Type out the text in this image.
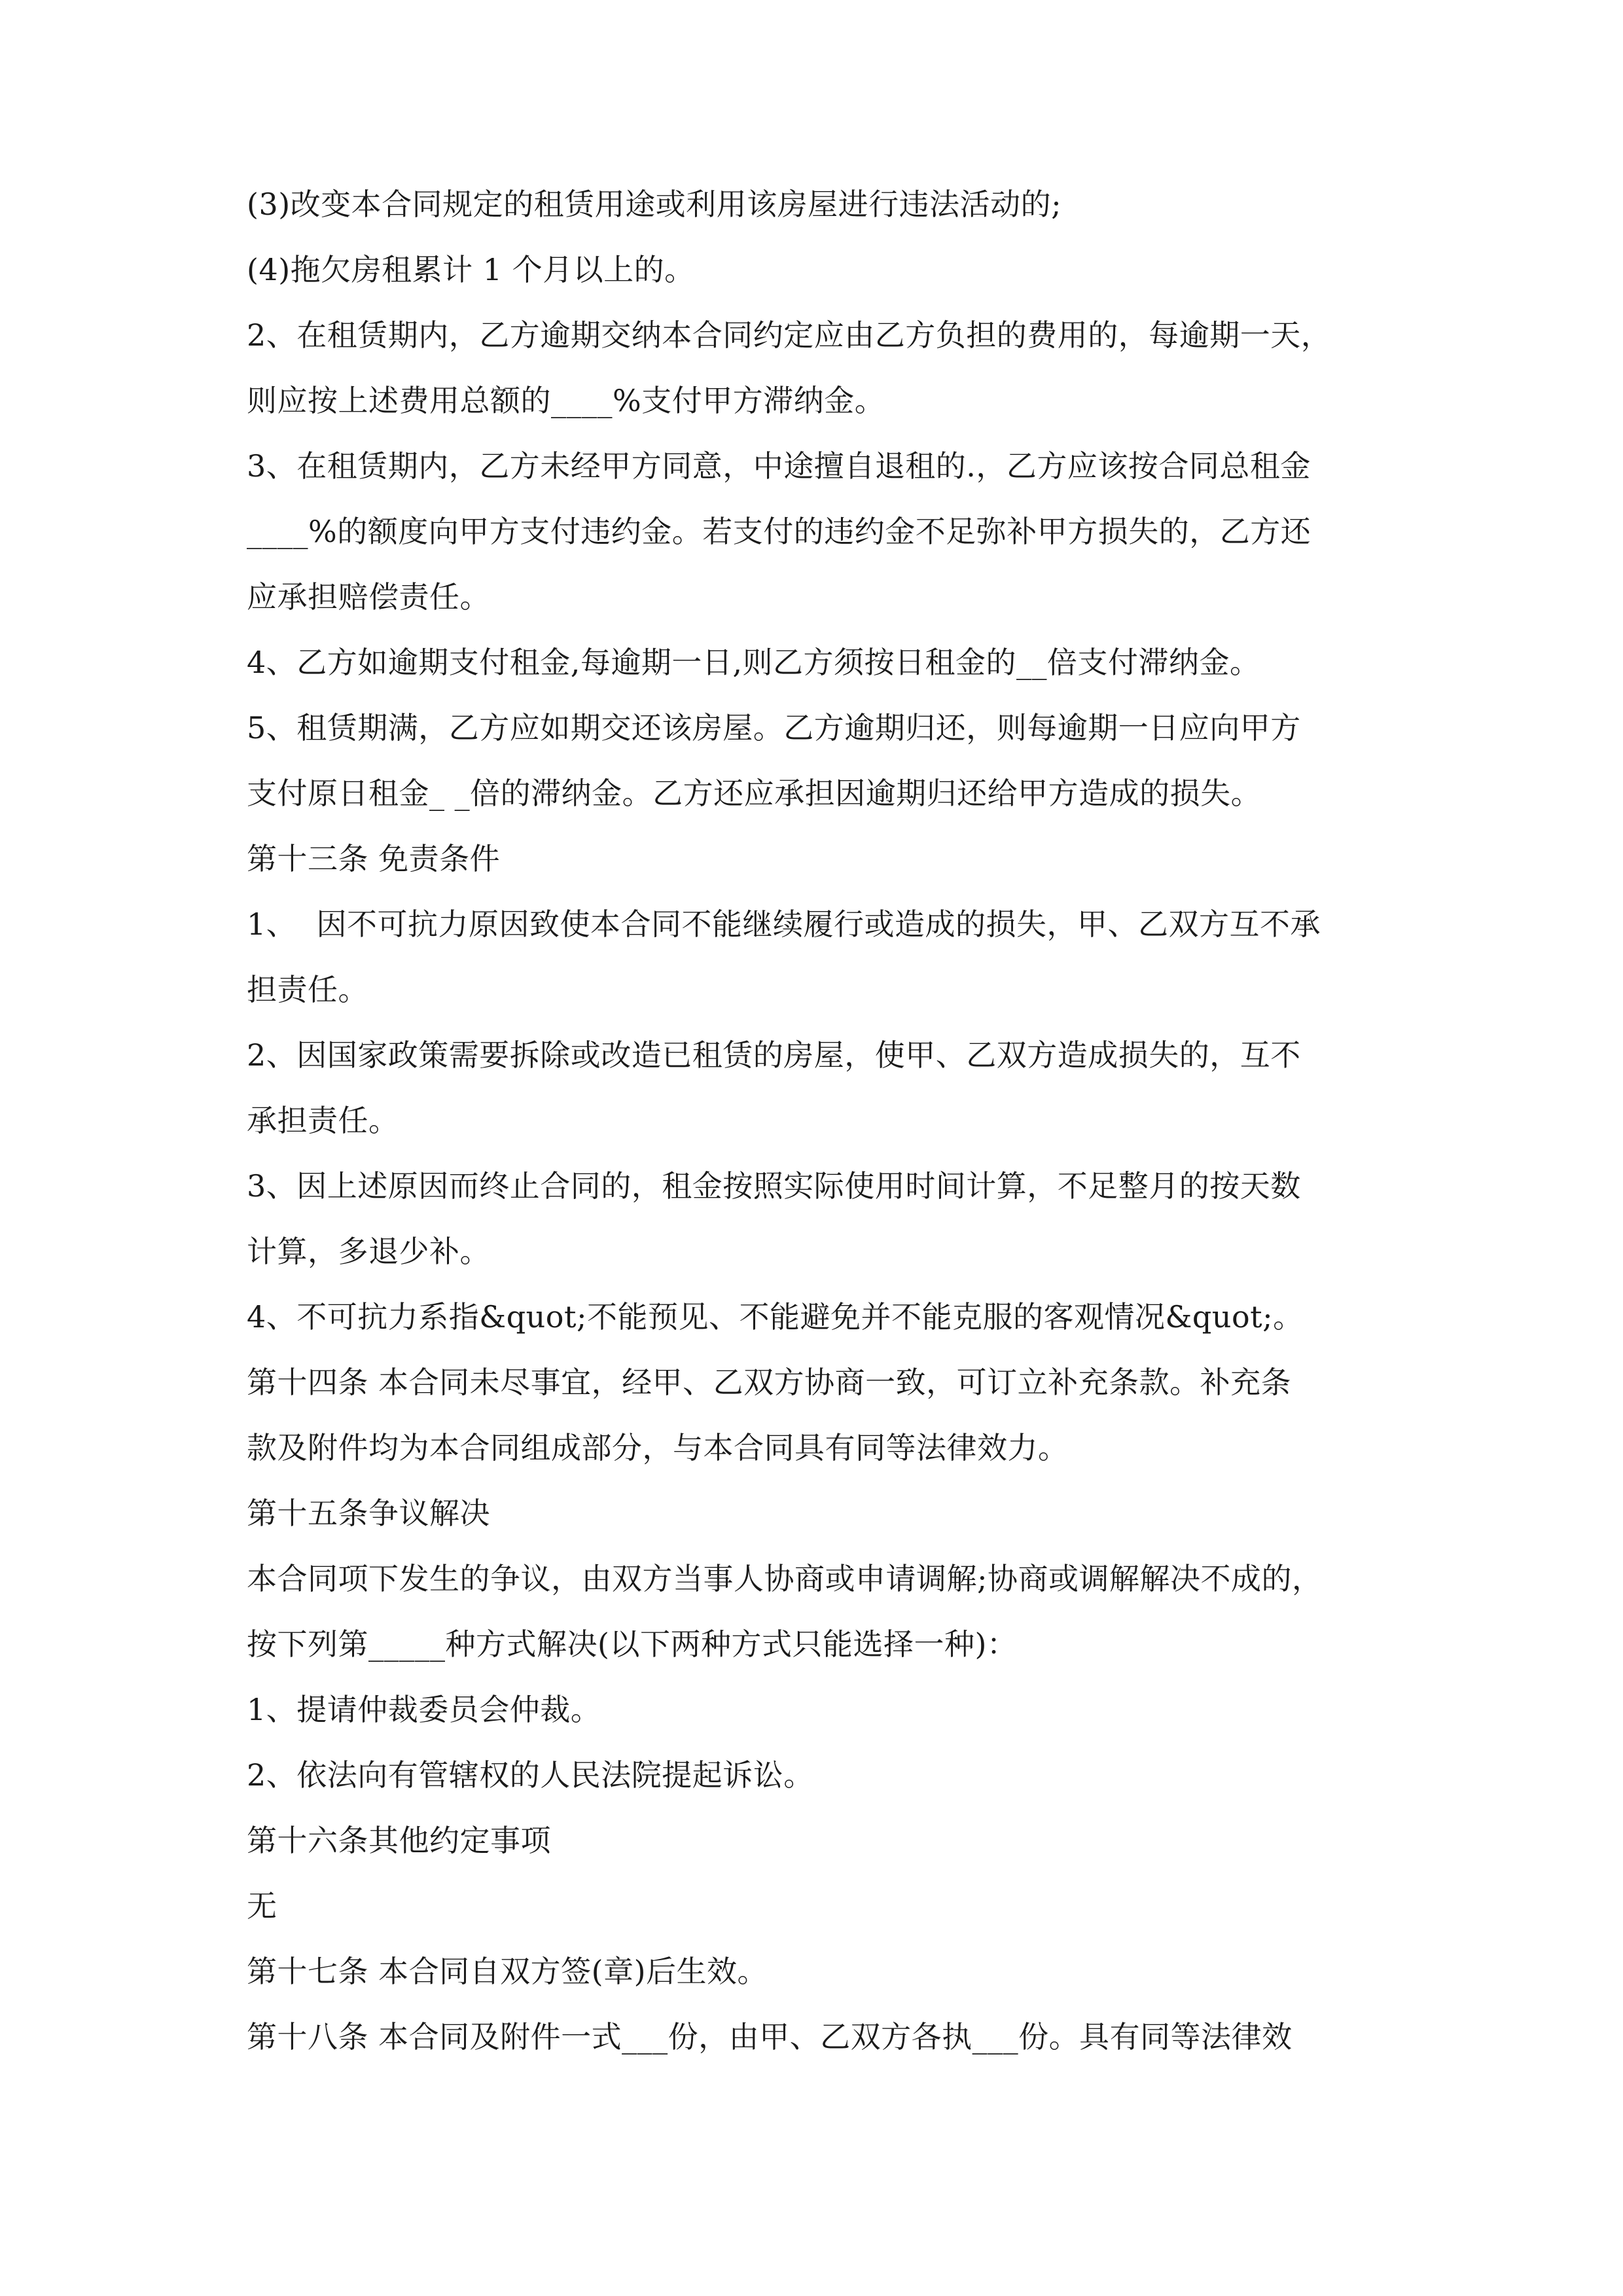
(3)改变本合同规定的租赁用途或利用该房屋进行违法活动的;
(4)拖欠房租累计 1 个月以上的。
2、在租赁期内，乙方逾期交纳本合同约定应由乙方负担的费用的，每逾期一天，
则应按上述费用总额的____%支付甲方滞纳金。
3、在租赁期内，乙方未经甲方同意，中途擅自退租的.，乙方应该按合同总租金
____%的额度向甲方支付违约金。若支付的违约金不足弥补甲方损失的，乙方还
应承担赔偿责任。
4、乙方如逾期支付租金,每逾期一日,则乙方须按日租金的__倍支付滞纳金。
5、租赁期满，乙方应如期交还该房屋。乙方逾期归还，则每逾期一日应向甲方
支付原日租金_ _倍的滞纳金。乙方还应承担因逾期归还给甲方造成的损失。
第十三条 免责条件
1、  因不可抗力原因致使本合同不能继续履行或造成的损失，甲、乙双方互不承
担责任。
2、因国家政策需要拆除或改造已租赁的房屋，使甲、乙双方造成损失的，互不
承担责任。
3、因上述原因而终止合同的，租金按照实际使用时间计算，不足整月的按天数
计算，多退少补。
4、不可抗力系指&quot;不能预见、不能避免并不能克服的客观情况&quot;。
第十四条 本合同未尽事宜，经甲、乙双方协商一致，可订立补充条款。补充条
款及附件均为本合同组成部分，与本合同具有同等法律效力。
第十五条争议解决
本合同项下发生的争议，由双方当事人协商或申请调解;协商或调解解决不成的，
按下列第_____种方式解决(以下两种方式只能选择一种)：
1、提请仲裁委员会仲裁。
2、依法向有管辖权的人民法院提起诉讼。
第十六条其他约定事项
无
第十七条 本合同自双方签(章)后生效。
第十八条 本合同及附件一式___份，由甲、乙双方各执___份。具有同等法律效
